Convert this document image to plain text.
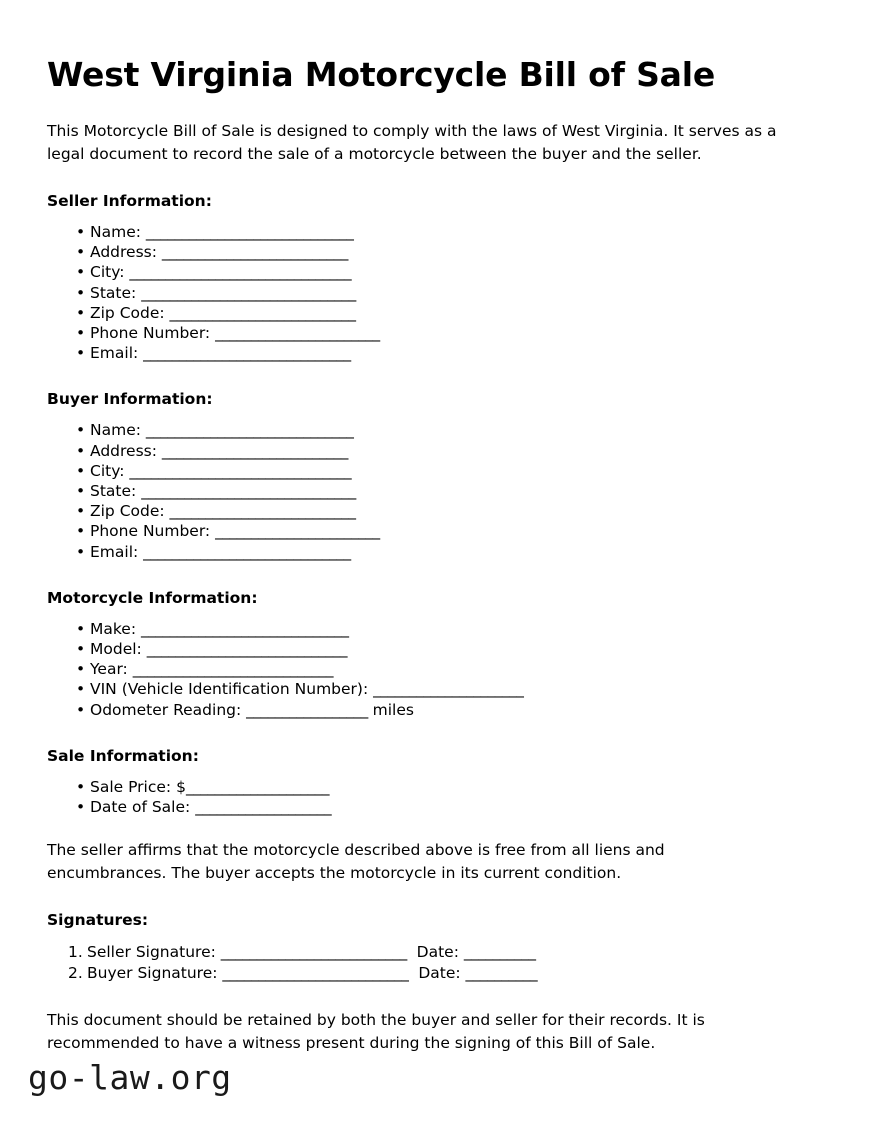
West Virginia Motorcycle Bill of Sale

This Motorcycle Bill of Sale is designed to comply with the laws of West Virginia. It serves as a legal document to record the sale of a motorcycle between the buyer and the seller.

Seller Information:
• Name: _____________________________
• Address: __________________________
• City: _______________________________
• State: ______________________________
• Zip Code: __________________________
• Phone Number: _______________________
• Email: _____________________________
Buyer Information:
• Name: _____________________________
• Address: __________________________
• City: _______________________________
• State: ______________________________
• Zip Code: __________________________
• Phone Number: _______________________
• Email: _____________________________
Motorcycle Information:
• Make: _____________________________
• Model: ____________________________
• Year: ____________________________
• VIN (Vehicle Identification Number): _____________________
• Odometer Reading: _________________ miles
Sale Information:
• Sale Price: $____________________
• Date of Sale: ___________________

The seller affirms that the motorcycle described above is free from all liens and encumbrances. The buyer accepts the motorcycle in its current condition.

Signatures:
Seller Signature: __________________________ Date: __________
Buyer Signature: __________________________ Date: __________

This document should be retained by both the buyer and seller for their records. It is recommended to have a witness present during the signing of this Bill of Sale.

go-law.org
